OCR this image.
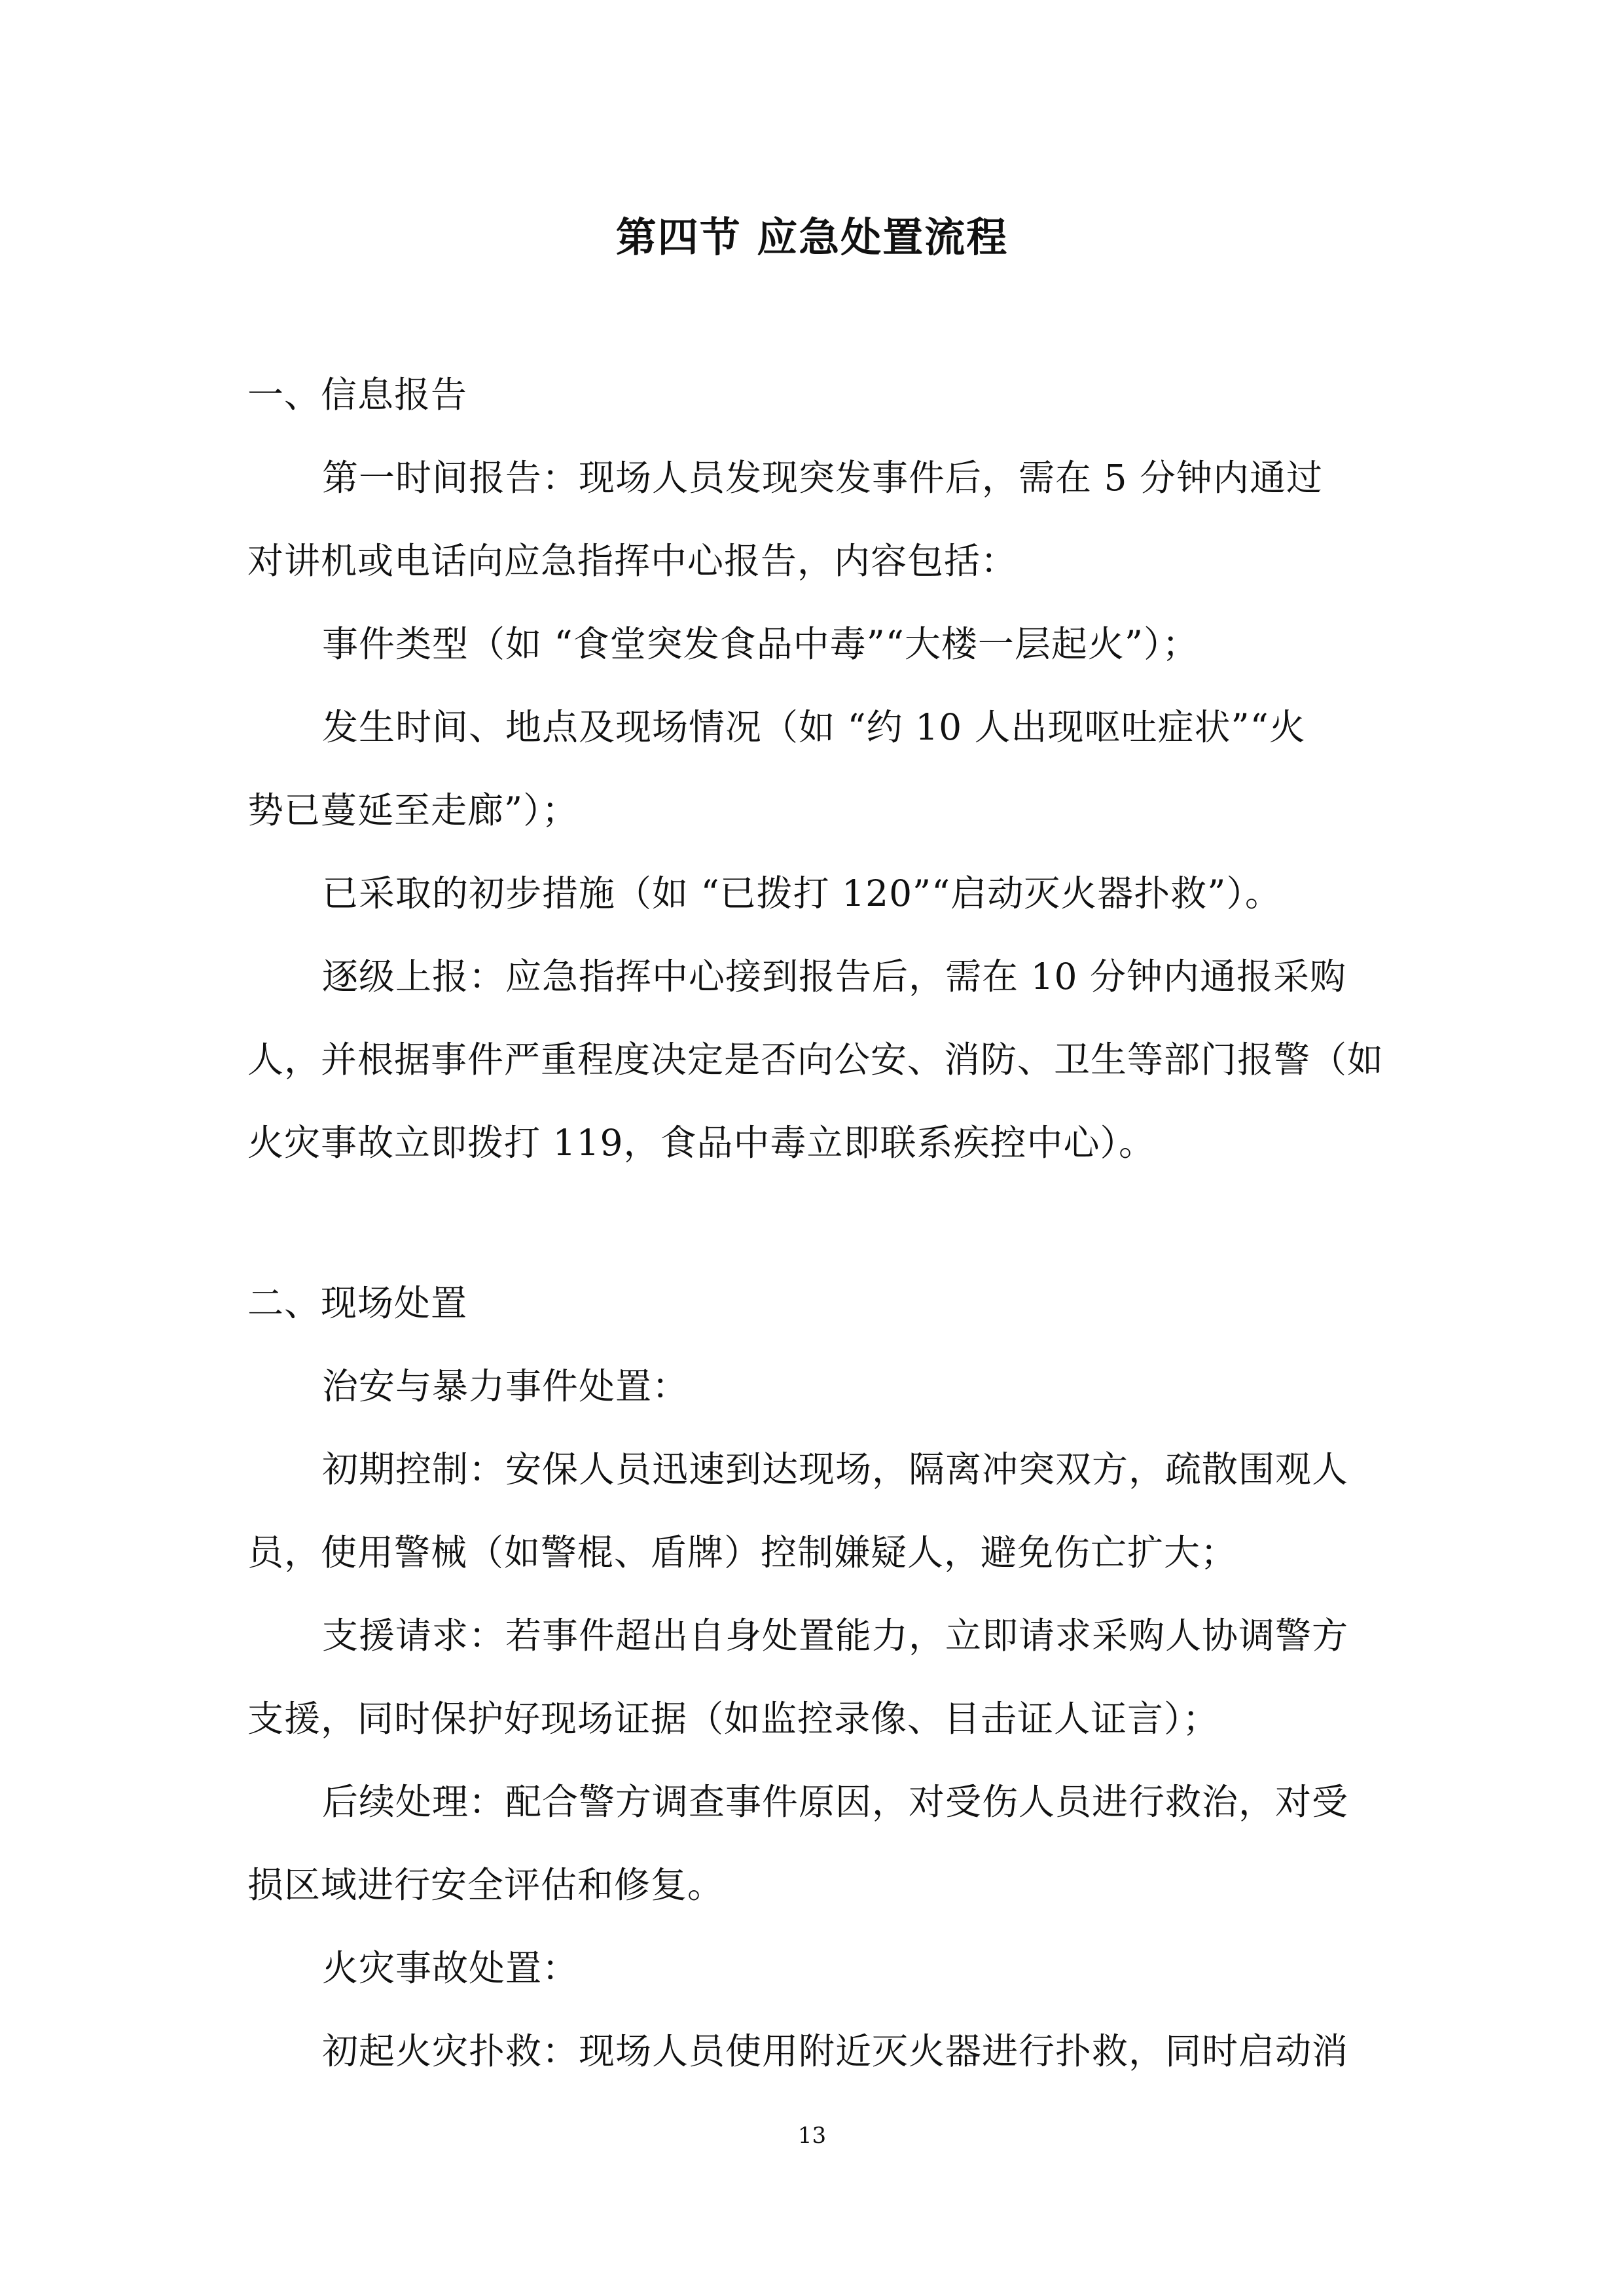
第四节 应急处置流程
一、信息报告
第一时间报告：现场人员发现突发事件后，需在 5 分钟内通过
对讲机或电话向应急指挥中心报告，内容包括：
事件类型（如 “食堂突发食品中毒”“大楼一层起火”）；
发生时间、地点及现场情况（如 “约 10 人出现呕吐症状”“火
势已蔓延至走廊”）；
已采取的初步措施（如 “已拨打 120”“启动灭火器扑救”）。
逐级上报：应急指挥中心接到报告后，需在 10 分钟内通报采购
人，并根据事件严重程度决定是否向公安、消防、卫生等部门报警（如
火灾事故立即拨打 119，食品中毒立即联系疾控中心）。
二、现场处置
治安与暴力事件处置：
初期控制：安保人员迅速到达现场，隔离冲突双方，疏散围观人
员，使用警械（如警棍、盾牌）控制嫌疑人，避免伤亡扩大；
支援请求：若事件超出自身处置能力，立即请求采购人协调警方
支援，同时保护好现场证据（如监控录像、目击证人证言）；
后续处理：配合警方调查事件原因，对受伤人员进行救治，对受
损区域进行安全评估和修复。
火灾事故处置：
初起火灾扑救：现场人员使用附近灭火器进行扑救，同时启动消
13
